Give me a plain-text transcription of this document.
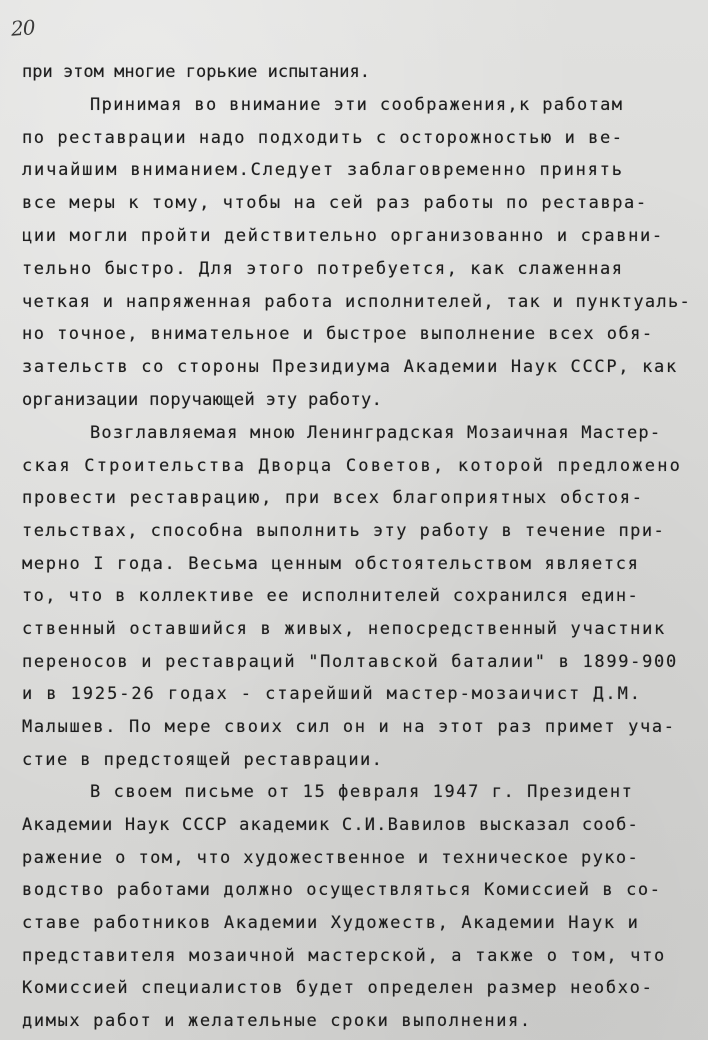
20
при этом многие горькие испытания.
Принимая во внимание эти соображения,к работам
по реставрации надо подходить с осторожностью и ве-
личайшим вниманием.Следует заблаговременно принять
все меры к тому, чтобы на сей раз работы по реставра-
ции могли пройти действительно организованно и сравни-
тельно быстро. Для этого потребуется, как слаженная
четкая и напряженная работа исполнителей, так и пунктуаль-
но точное, внимательное и быстрое выполнение всех обя-
зательств со стороны Президиума Академии Наук СССР, как
организации поручающей эту работу.
Возглавляемая мною Ленинградская Мозаичная Мастер-
ская Строительства Дворца Советов, которой предложено
провести реставрацию, при всех благоприятных обстоя-
тельствах, способна выполнить эту работу в течение при-
мерно I года. Весьма ценным обстоятельством является
то, что в коллективе ее исполнителей сохранился един-
ственный оставшийся в живых, непосредственный участник
переносов и реставраций "Полтавской баталии" в 1899-900
и в 1925-26 годах - старейший мастер-мозаичист Д.М.
Малышев. По мере своих сил он и на этот раз примет уча-
стие в предстоящей реставрации.
В своем письме от 15 февраля 1947 г. Президент
Академии Наук СССР академик С.И.Вавилов высказал сооб-
ражение о том, что художественное и техническое руко-
водство работами должно осуществляться Комиссией в со-
ставе работников Академии Художеств, Академии Наук и
представителя мозаичной мастерской, а также о том, что
Комиссией специалистов будет определен размер необхо-
димых работ и желательные сроки выполнения.
